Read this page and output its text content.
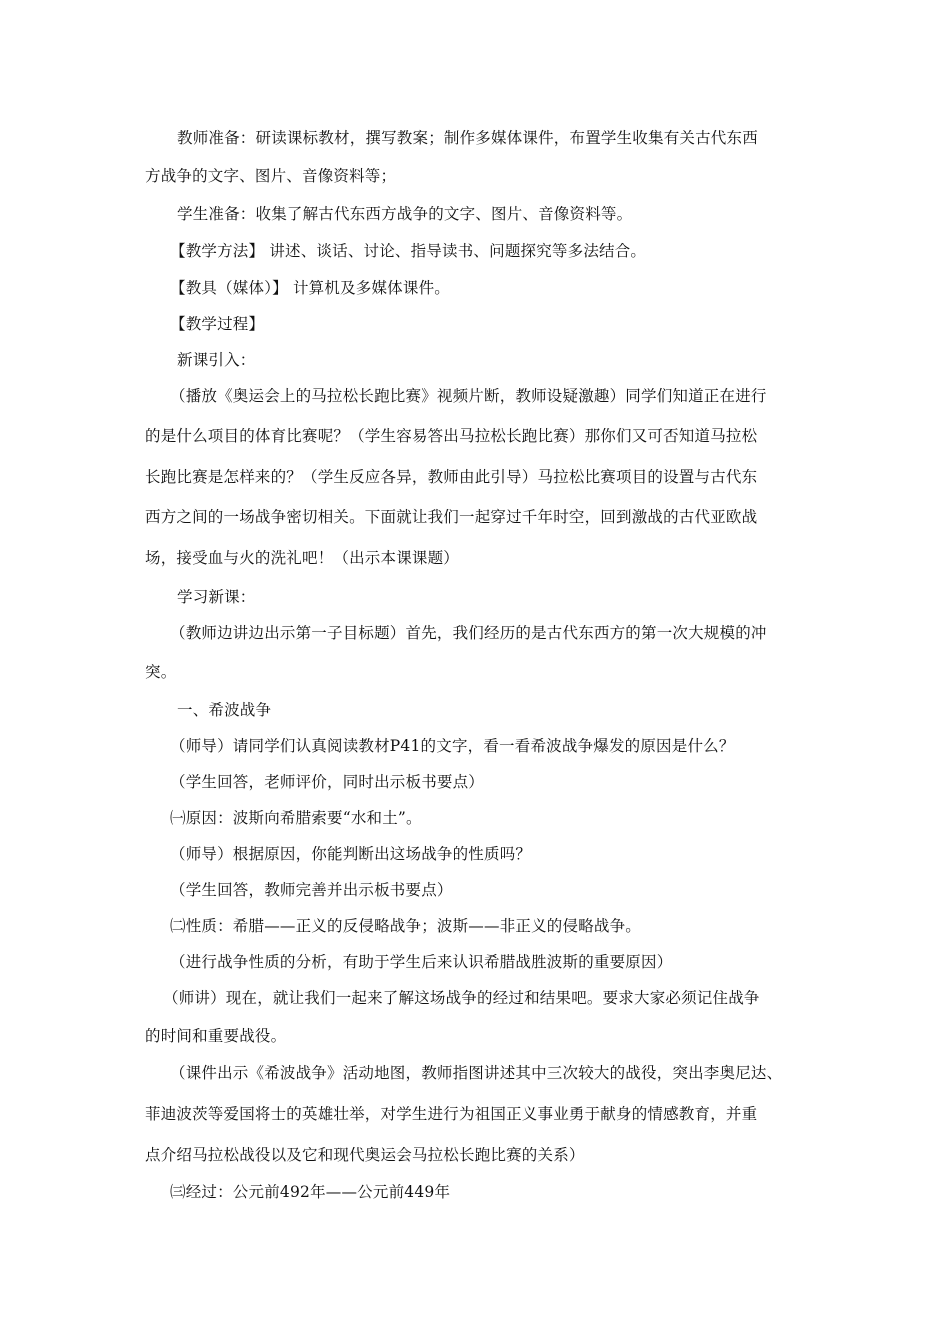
教师准备：研读课标教材，撰写教案；制作多媒体课件，布置学生收集有关古代东西
方战争的文字、图片、音像资料等；
学生准备：收集了解古代东西方战争的文字、图片、音像资料等。
【教学方法】 讲述、谈话、讨论、指导读书、问题探究等多法结合。
【教具（媒体）】 计算机及多媒体课件。
【教学过程】
新课引入：
（播放《奥运会上的马拉松长跑比赛》视频片断，教师设疑激趣）同学们知道正在进行
的是什么项目的体育比赛呢？（学生容易答出马拉松长跑比赛）那你们又可否知道马拉松
长跑比赛是怎样来的？（学生反应各异，教师由此引导）马拉松比赛项目的设置与古代东
西方之间的一场战争密切相关。下面就让我们一起穿过千年时空，回到激战的古代亚欧战
场，接受血与火的洗礼吧！（出示本课课题）
学习新课：
（教师边讲边出示第一子目标题）首先，我们经历的是古代东西方的第一次大规模的冲
突。
一、希波战争
（师导）请同学们认真阅读教材P41的文字，看一看希波战争爆发的原因是什么？
（学生回答，老师评价，同时出示板书要点）
㈠原因：波斯向希腊索要“水和土”。
（师导）根据原因，你能判断出这场战争的性质吗？
（学生回答，教师完善并出示板书要点）
㈡性质：希腊——正义的反侵略战争；波斯——非正义的侵略战争。
（进行战争性质的分析，有助于学生后来认识希腊战胜波斯的重要原因）
（师讲）现在，就让我们一起来了解这场战争的经过和结果吧。要求大家必须记住战争
的时间和重要战役。
（课件出示《希波战争》活动地图，教师指图讲述其中三次较大的战役，突出李奥尼达、
菲迪波茨等爱国将士的英雄壮举，对学生进行为祖国正义事业勇于献身的情感教育，并重
点介绍马拉松战役以及它和现代奥运会马拉松长跑比赛的关系）
㈢经过：公元前492年——公元前449年
